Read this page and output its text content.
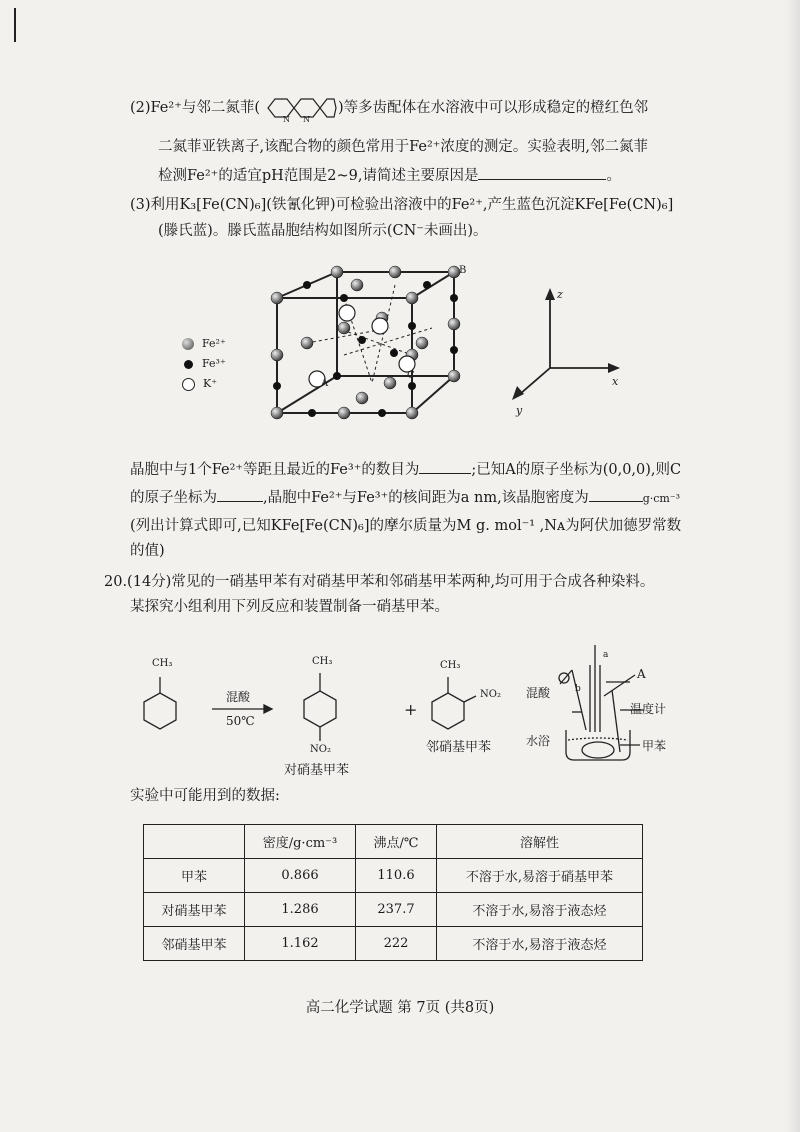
(2)Fe²⁺与邻二氮菲(
N N
)等多齿配体在水溶液中可以形成稳定的橙红色邻
二氮菲亚铁离子,该配合物的颜色常用于Fe²⁺浓度的测定。实验表明,邻二氮菲
检测Fe²⁺的适宜pH范围是2~9,请简述主要原因是	。
(3)利用K₃[Fe(CN)₆](铁氰化钾)可检验出溶液中的Fe²⁺,产生蓝色沉淀KFe[Fe(CN)₆]
(滕氏蓝)。滕氏蓝晶胞结构如图所示(CN⁻未画出)。
Fe²⁺
Fe³⁺
K⁺	A
B
C
z
x
y
晶胞中与1个Fe²⁺等距且最近的Fe³⁺的数目为	;已知A的原子坐标为(0,0,0),则C
的原子坐标为	,晶胞中Fe²⁺与Fe³⁺的核间距为a nm,该晶胞密度为	g·cm⁻³
(列出计算式即可,已知KFe[Fe(CN)₆]的摩尔质量为M g. mol⁻¹ ,Nᴀ为阿伏加德罗常数
的值)
20.(14分)常见的一硝基甲苯有对硝基甲苯和邻硝基甲苯两种,均可用于合成各种染料。
某探究小组利用下列反应和装置制备一硝基甲苯。
CH₃
混酸
50℃
CH₃
NO₂
对硝基甲苯
+
CH₃
NO₂
邻硝基甲苯
a
b
A
混酸
温度计
水浴	甲苯
实验中可能用到的数据:
	密度/g·cm⁻³	沸点/℃	溶解性
甲苯	0.866	110.6	不溶于水,易溶于硝基甲苯
对硝基甲苯	1.286	237.7	不溶于水,易溶于液态烃
邻硝基甲苯	1.162	222	不溶于水,易溶于液态烃
高二化学试题 第 7页 (共8页)
